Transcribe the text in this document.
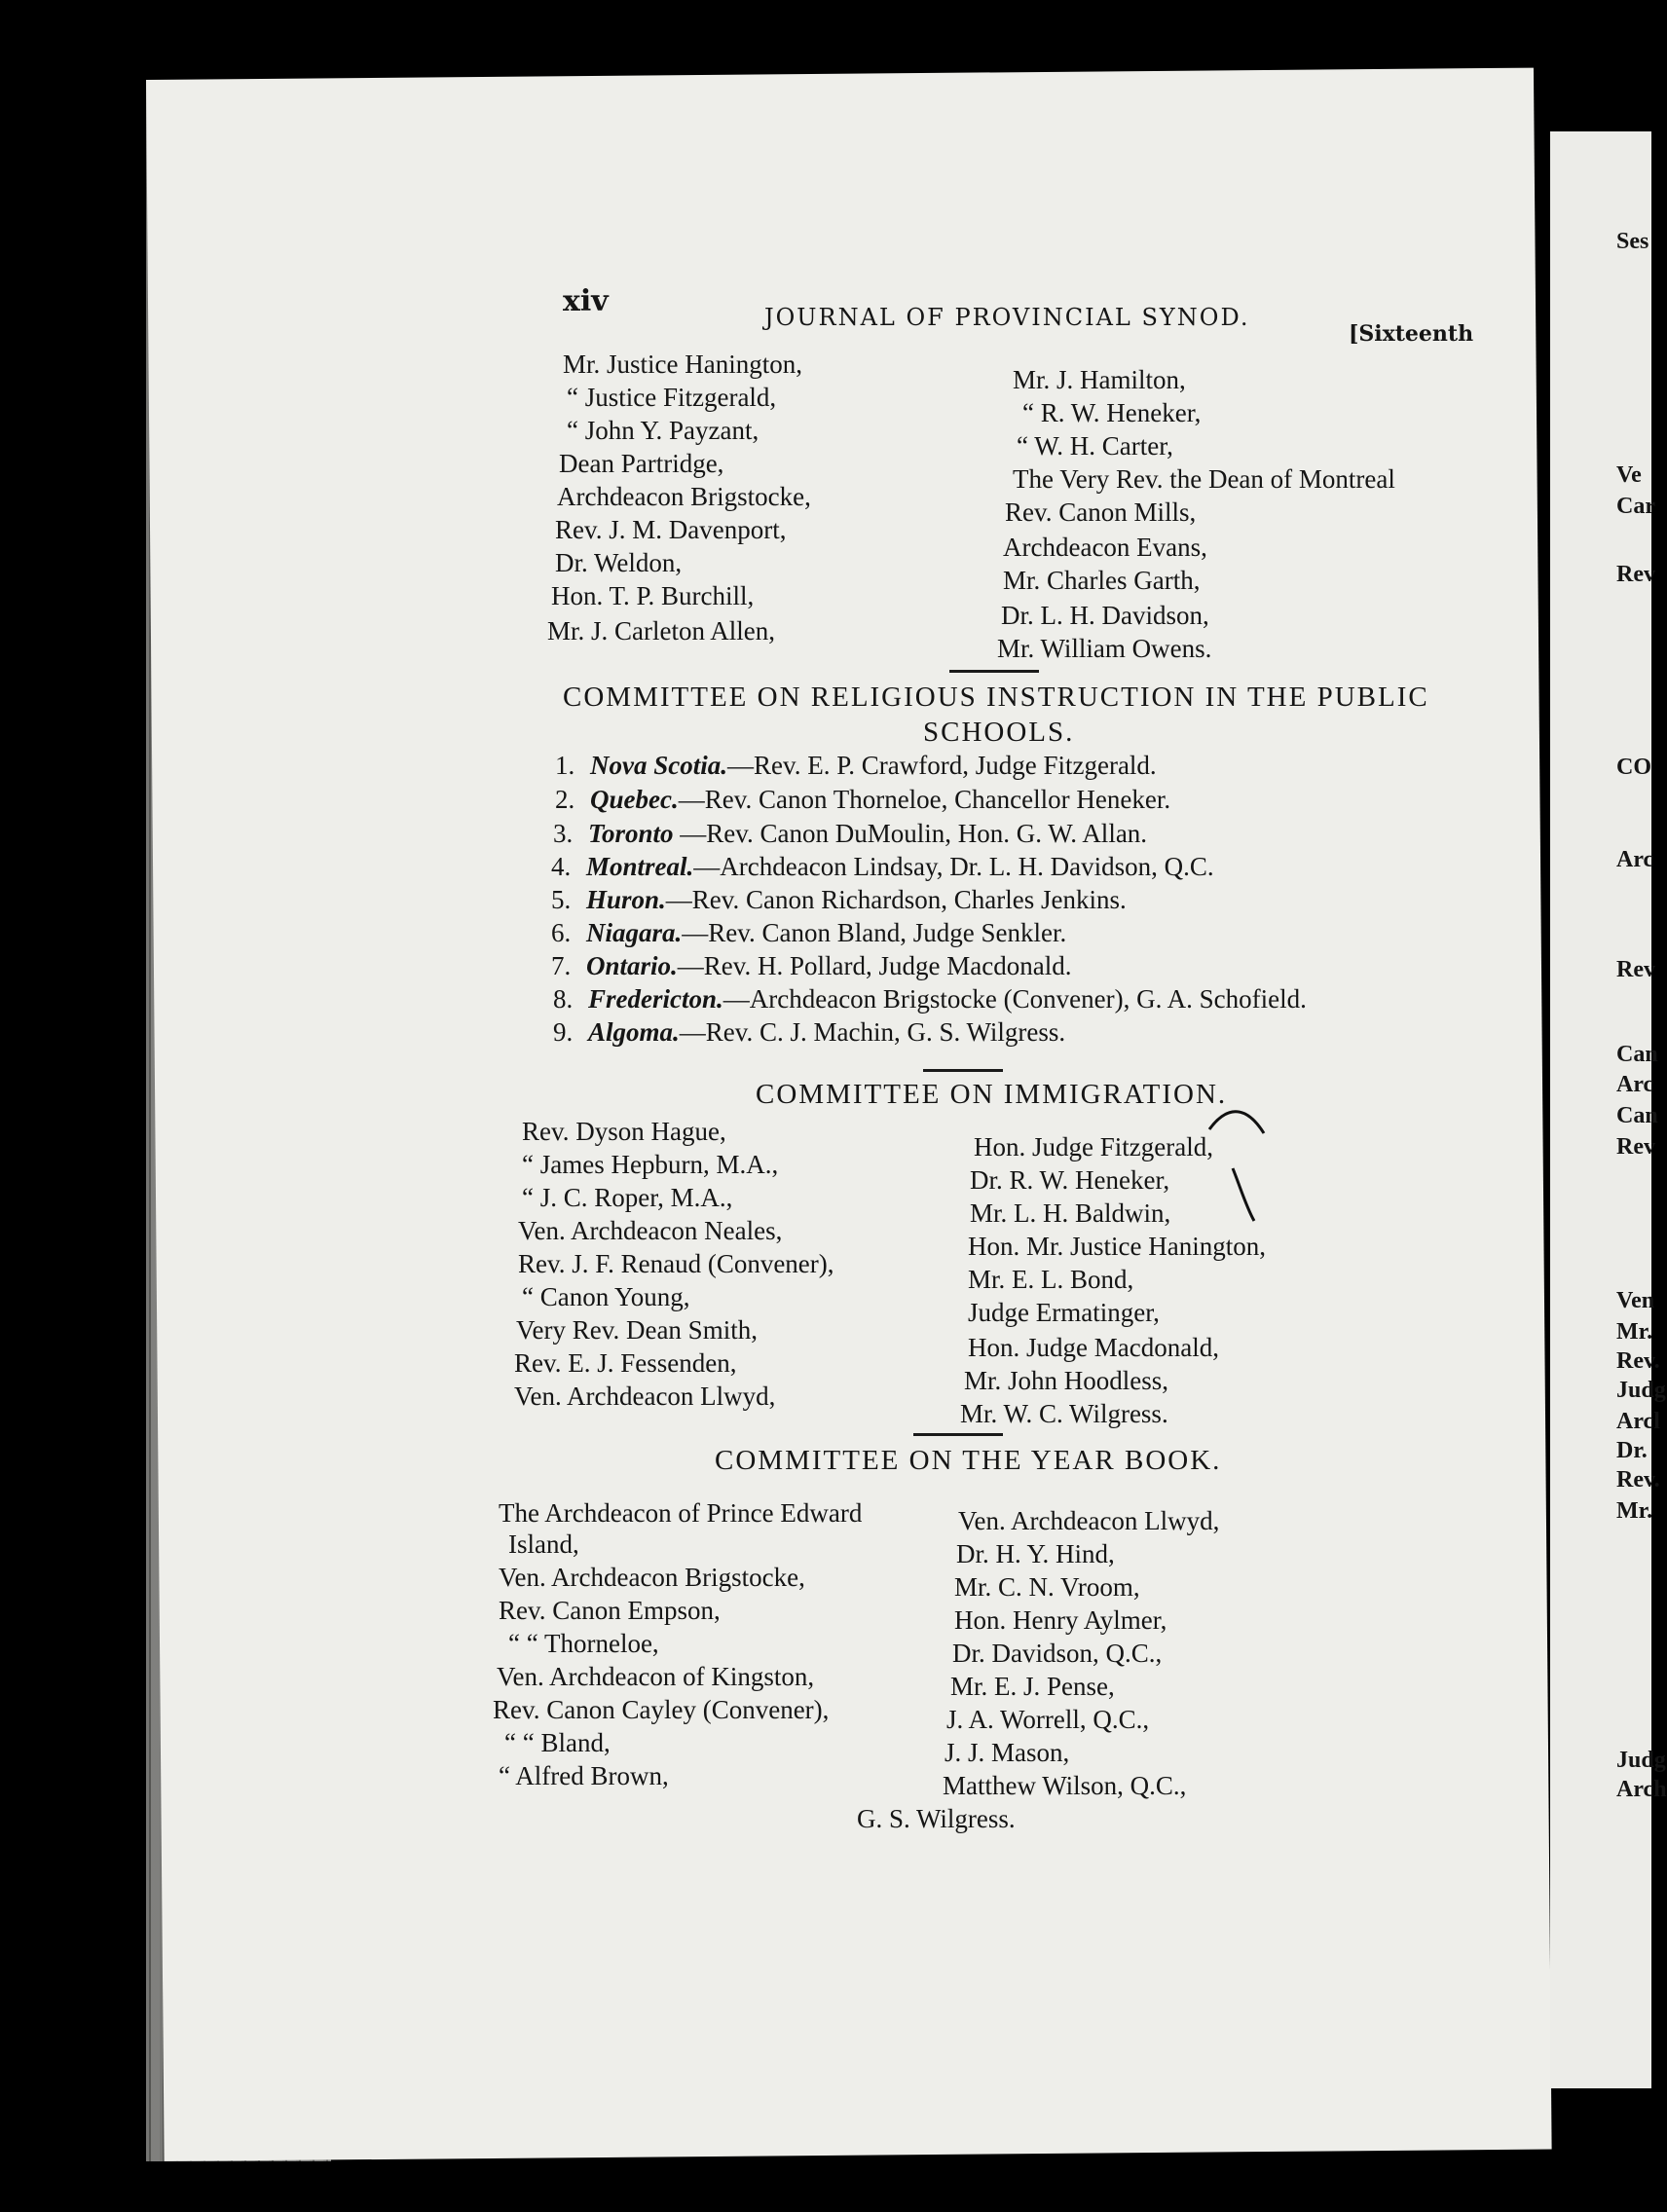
Ses
Ve
Car
Rev
CO
Arc
Rev
Can
Arc
Can
Rev
Ven
Mr.
Rev.
Judg
Arcl
Dr.
Rev.
Mr.
Judg
Arch
xiv	JOURNAL OF PROVINCIAL SYNOD.
[Sixteenth
Mr. Justice Hanington,
“ Justice Fitzgerald,
“ John Y. Payzant,
Dean Partridge,
Archdeacon Brigstocke,
Rev. J. M. Davenport,
Dr. Weldon,
Hon. T. P. Burchill,
Mr. J. Carleton Allen,
Mr. J. Hamilton,
“ R. W. Heneker,
“ W. H. Carter,
The Very Rev. the Dean of Montreal
Rev. Canon Mills,
Archdeacon Evans,
Mr. Charles Garth,
Dr. L. H. Davidson,
Mr. William Owens.
COMMITTEE ON RELIGIOUS INSTRUCTION IN THE PUBLIC
SCHOOLS.
1. Nova Scotia.—Rev. E. P. Crawford, Judge Fitzgerald.
2. Quebec.—Rev. Canon Thorneloe, Chancellor Heneker.
3. Toronto —Rev. Canon DuMoulin, Hon. G. W. Allan.
4. Montreal.—Archdeacon Lindsay, Dr. L. H. Davidson, Q.C.
5. Huron.—Rev. Canon Richardson, Charles Jenkins.
6. Niagara.—Rev. Canon Bland, Judge Senkler.
7. Ontario.—Rev. H. Pollard, Judge Macdonald.
8. Fredericton.—Archdeacon Brigstocke (Convener), G. A. Schofield.
9. Algoma.—Rev. C. J. Machin, G. S. Wilgress.
COMMITTEE ON IMMIGRATION.
Rev. Dyson Hague,
“ James Hepburn, M.A.,
“ J. C. Roper, M.A.,
Ven. Archdeacon Neales,
Rev. J. F. Renaud (Convener),
“ Canon Young,
Very Rev. Dean Smith,
Rev. E. J. Fessenden,
Ven. Archdeacon Llwyd,
Hon. Judge Fitzgerald,
Dr. R. W. Heneker,
Mr. L. H. Baldwin,
Hon. Mr. Justice Hanington,
Mr. E. L. Bond,
Judge Ermatinger,
Hon. Judge Macdonald,
Mr. John Hoodless,
Mr. W. C. Wilgress.
COMMITTEE ON THE YEAR BOOK.
The Archdeacon of Prince Edward
Island,
Ven. Archdeacon Brigstocke,
Rev. Canon Empson,
“ “ Thorneloe,
Ven. Archdeacon of Kingston,
Rev. Canon Cayley (Convener),
“ “ Bland,
“ Alfred Brown,
Ven. Archdeacon Llwyd,
Dr. H. Y. Hind,
Mr. C. N. Vroom,
Hon. Henry Aylmer,
Dr. Davidson, Q.C.,
Mr. E. J. Pense,
J. A. Worrell, Q.C.,
J. J. Mason,
Matthew Wilson, Q.C.,
G. S. Wilgress.
